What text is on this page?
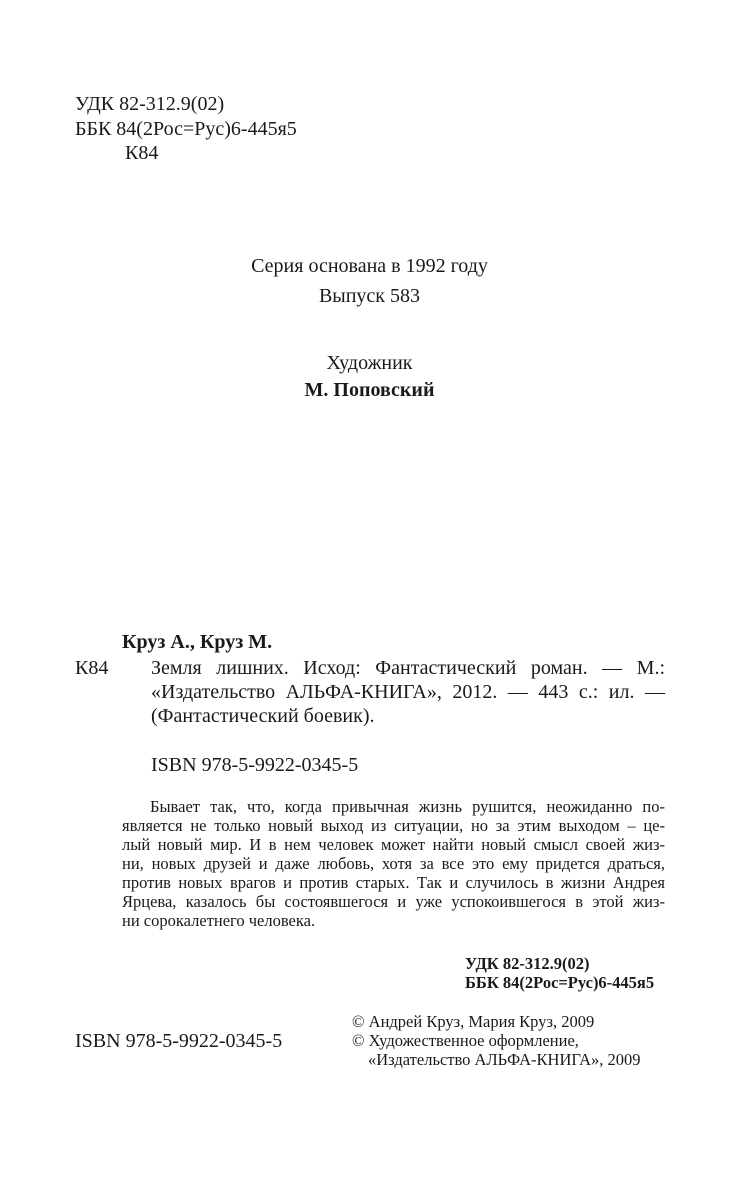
УДК 82-312.9(02)
ББК 84(2Рос=Рус)6-445я5
К84
Серия основана в 1992 году
Выпуск 583
Художник
М. Поповский
Круз А., Круз М.
К84 Земля лишних. Исход: Фантастический роман. — М.:
«Издательство АЛЬФА-КНИГА», 2012. — 443 с.: ил. —
(Фантастический боевик).
ISBN 978-5-9922-0345-5
Бывает так, что, когда привычная жизнь рушится, неожиданно по-
является не только новый выход из ситуации, но за этим выходом – це-
лый новый мир. И в нем человек может найти новый смысл своей жиз-
ни, новых друзей и даже любовь, хотя за все это ему придется драться,
против новых врагов и против старых. Так и случилось в жизни Андрея
Ярцева, казалось бы состоявшегося и уже успокоившегося в этой жиз-
ни сорокалетнего человека.
УДК 82-312.9(02)
ББК 84(2Рос=Рус)6-445я5
ISBN 978-5-9922-0345-5
© Андрей Круз, Мария Круз, 2009
© Художественное оформление,
«Издательство АЛЬФА-КНИГА», 2009
